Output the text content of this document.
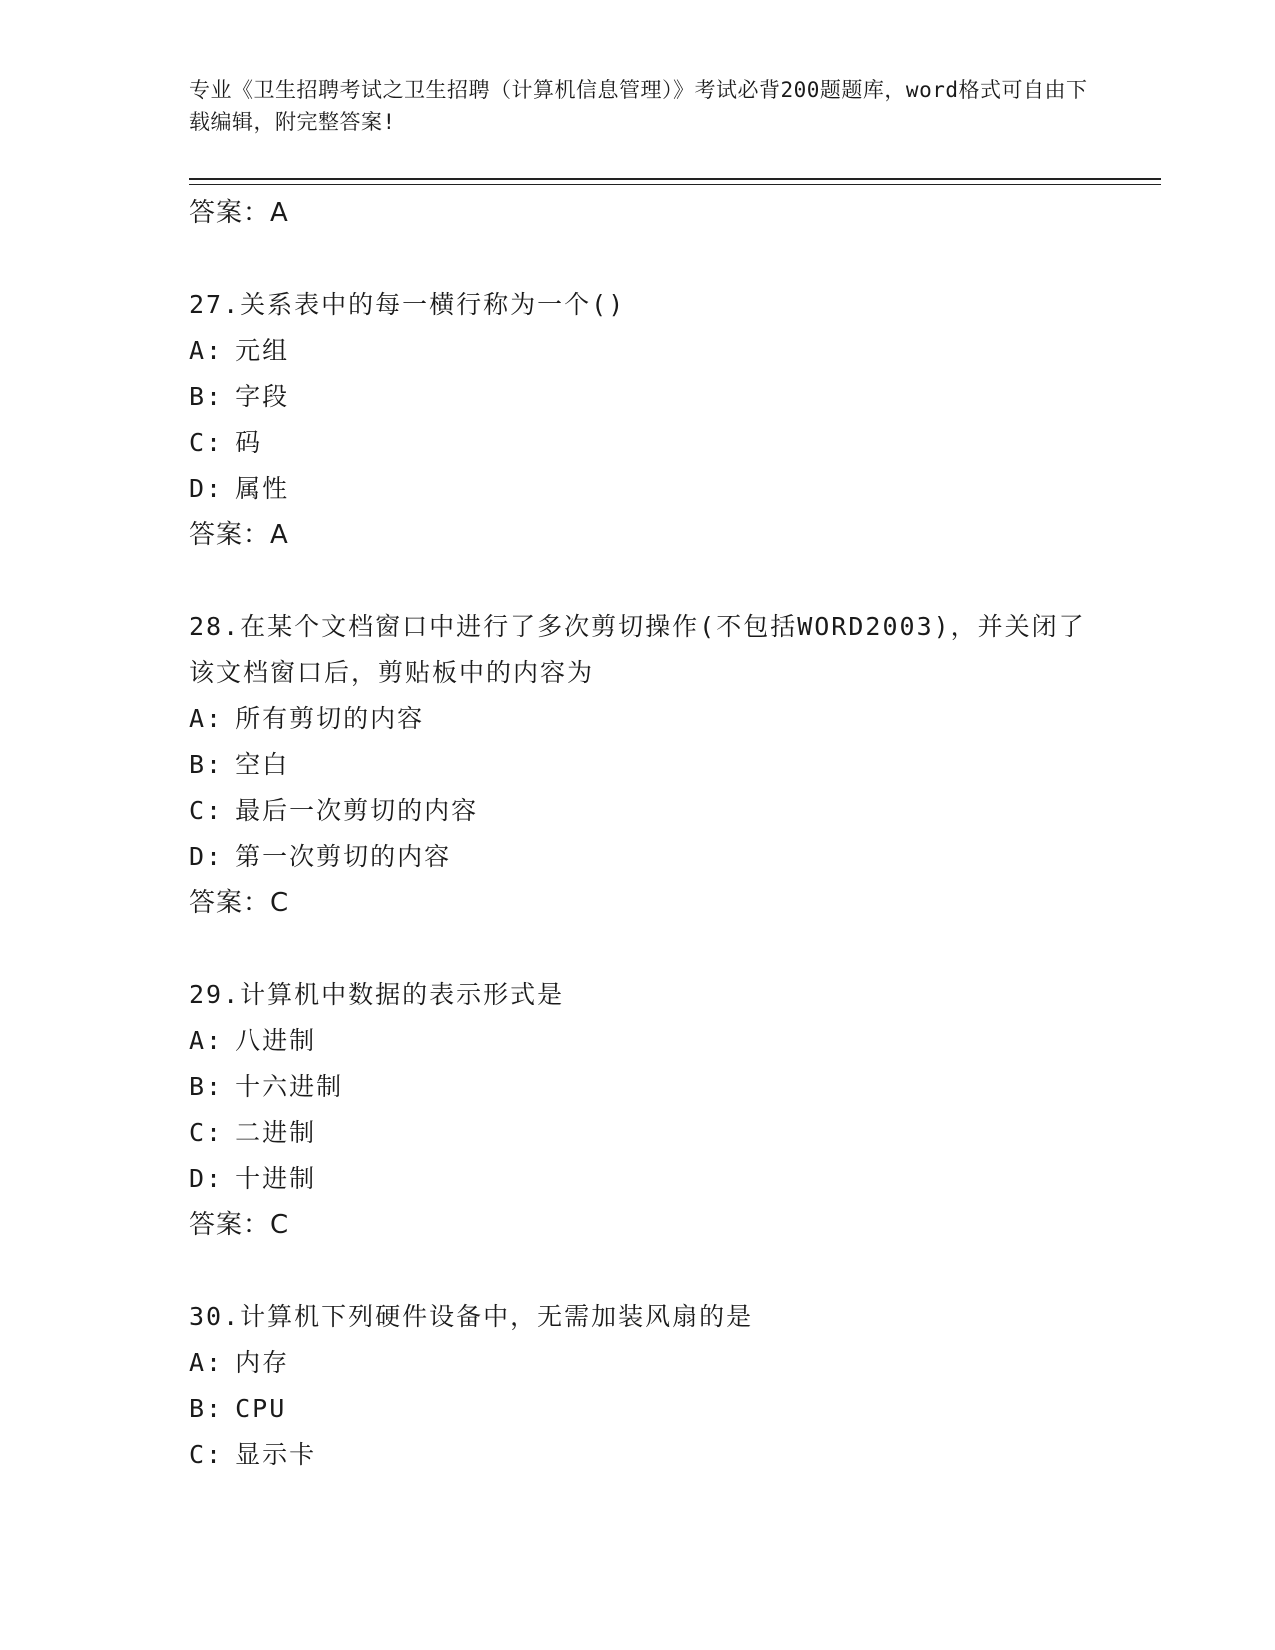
专业《卫生招聘考试之卫生招聘（计算机信息管理）》考试必背200题题库，word格式可自由下载编辑，附完整答案!
答案：A
27.关系表中的每一横行称为一个()
A: 元组
B: 字段
C: 码
D: 属性
答案：A
28.在某个文档窗口中进行了多次剪切操作(不包括WORD2003)，并关闭了该文档窗口后，剪贴板中的内容为
A: 所有剪切的内容
B: 空白
C: 最后一次剪切的内容
D: 第一次剪切的内容
答案：C
29.计算机中数据的表示形式是
A: 八进制
B: 十六进制
C: 二进制
D: 十进制
答案：C
30.计算机下列硬件设备中，无需加装风扇的是
A: 内存
B: CPU
C: 显示卡
